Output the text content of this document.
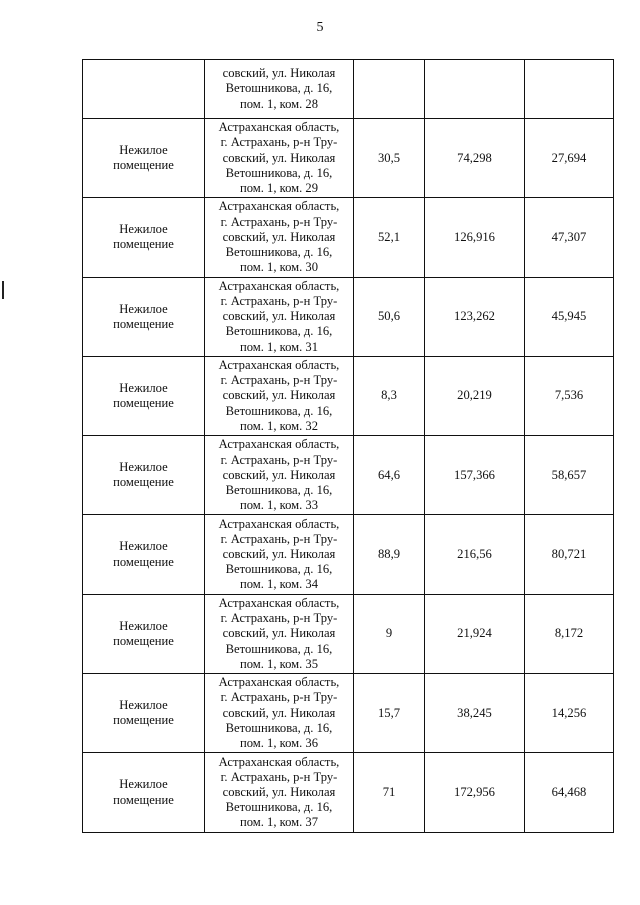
5

	совский, ул. Николая
Ветошникова, д. 16,
пом. 1, ком. 28			

Нежилое
помещение	Астраханская область,
г. Астрахань, р-н Тру-
совский, ул. Николая
Ветошникова, д. 16,
пом. 1, ком. 29	30,5	74,298	27,694

Нежилое
помещение	Астраханская область,
г. Астрахань, р-н Тру-
совский, ул. Николая
Ветошникова, д. 16,
пом. 1, ком. 30	52,1	126,916	47,307

Нежилое
помещение	Астраханская область,
г. Астрахань, р-н Тру-
совский, ул. Николая
Ветошникова, д. 16,
пом. 1, ком. 31	50,6	123,262	45,945

Нежилое
помещение	Астраханская область,
г. Астрахань, р-н Тру-
совский, ул. Николая
Ветошникова, д. 16,
пом. 1, ком. 32	8,3	20,219	7,536

Нежилое
помещение	Астраханская область,
г. Астрахань, р-н Тру-
совский, ул. Николая
Ветошникова, д. 16,
пом. 1, ком. 33	64,6	157,366	58,657

Нежилое
помещение	Астраханская область,
г. Астрахань, р-н Тру-
совский, ул. Николая
Ветошникова, д. 16,
пом. 1, ком. 34	88,9	216,56	80,721

Нежилое
помещение	Астраханская область,
г. Астрахань, р-н Тру-
совский, ул. Николая
Ветошникова, д. 16,
пом. 1, ком. 35	9	21,924	8,172

Нежилое
помещение	Астраханская область,
г. Астрахань, р-н Тру-
совский, ул. Николая
Ветошникова, д. 16,
пом. 1, ком. 36	15,7	38,245	14,256

Нежилое
помещение	Астраханская область,
г. Астрахань, р-н Тру-
совский, ул. Николая
Ветошникова, д. 16,
пом. 1, ком. 37	71	172,956	64,468
